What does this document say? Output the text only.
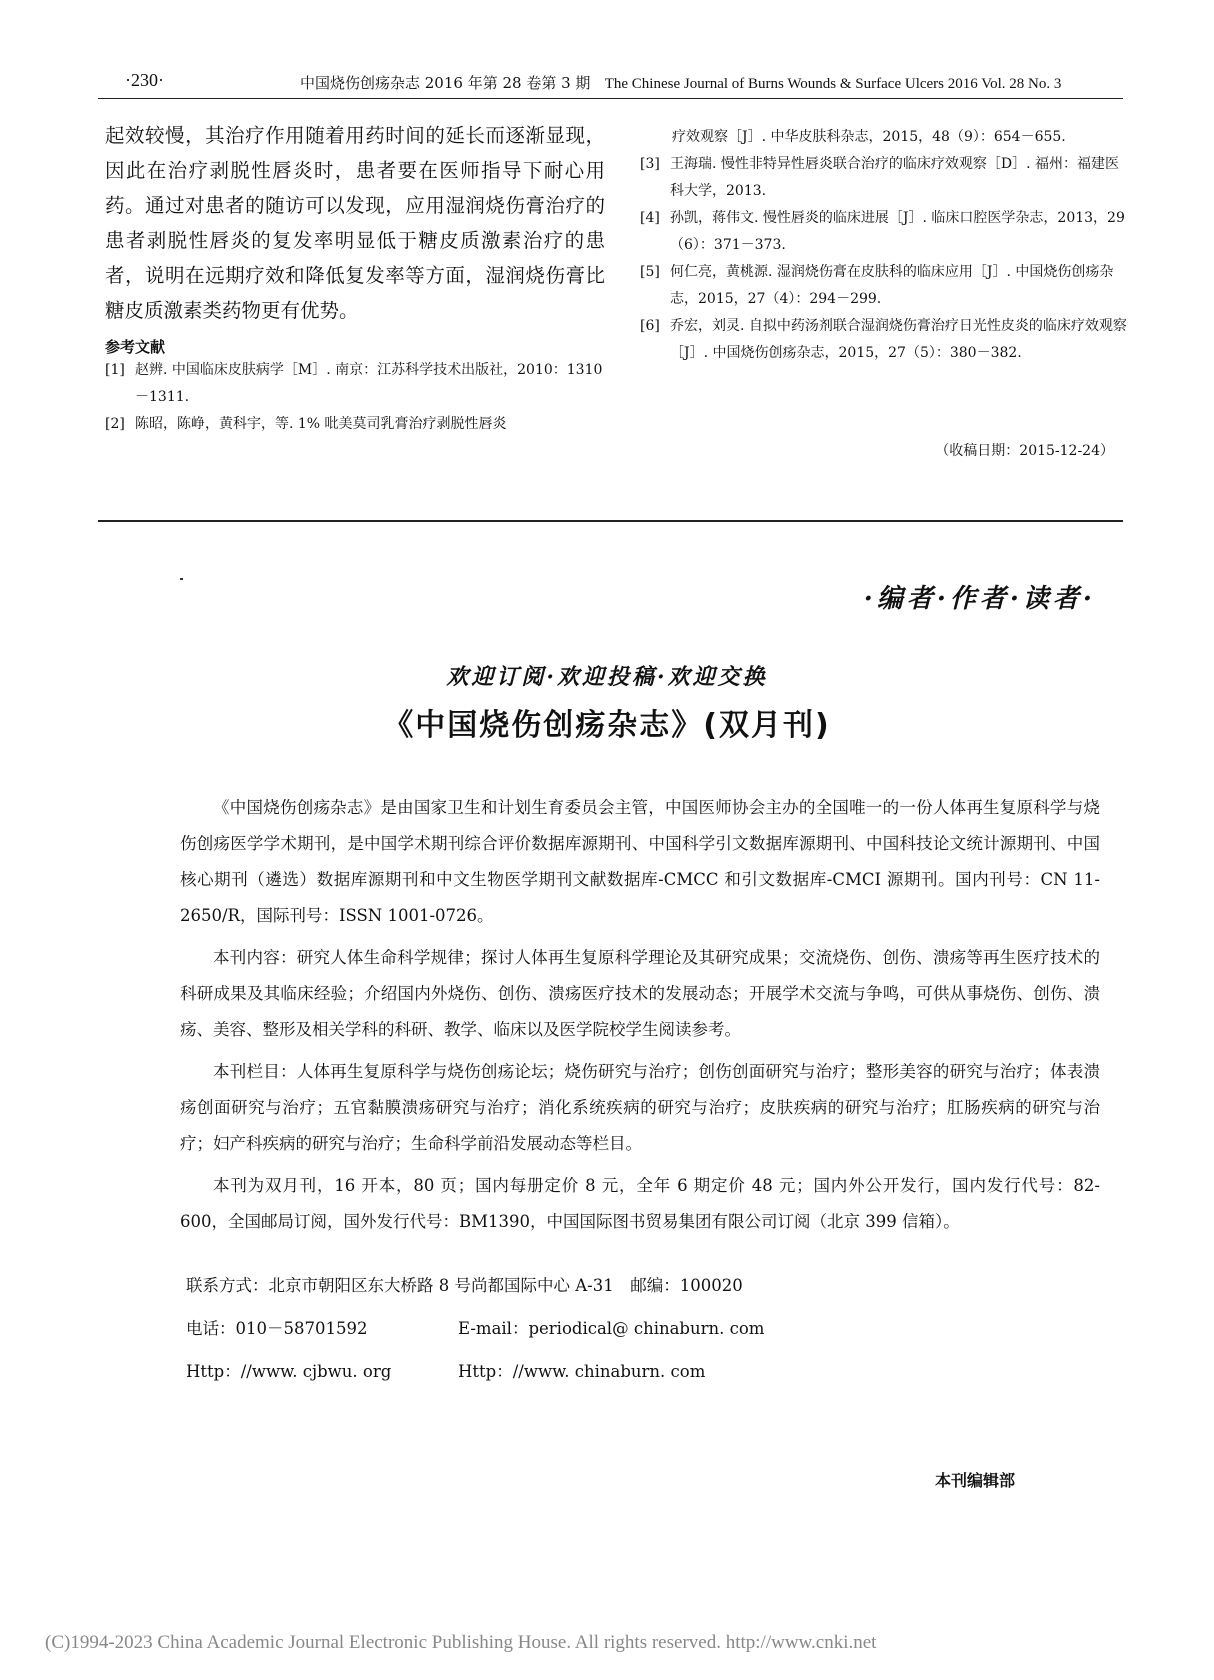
·230·	中国烧伤创疡杂志 2016 年第 28 卷第 3 期 The Chinese Journal of Burns Wounds & Surface Ulcers 2016 Vol. 28 No. 3

起效较慢，其治疗作用随着用药时间的延长而逐渐显现，因此在治疗剥脱性唇炎时，患者要在医师指导下耐心用药。通过对患者的随访可以发现，应用湿润烧伤膏治疗的患者剥脱性唇炎的复发率明显低于糖皮质激素治疗的患者，说明在远期疗效和降低复发率等方面，湿润烧伤膏比糖皮质激素类药物更有优势。

参考文献
[1] 赵辨. 中国临床皮肤病学［M］. 南京：江苏科学技术出版社，2010：1310－1311.
[2] 陈昭，陈峥，黄科宇，等. 1% 吡美莫司乳膏治疗剥脱性唇炎
疗效观察［J］. 中华皮肤科杂志，2015，48（9）：654－655.
[3] 王海瑞. 慢性非特异性唇炎联合治疗的临床疗效观察［D］. 福州：福建医科大学，2013.
[4] 孙凯，蒋伟文. 慢性唇炎的临床进展［J］. 临床口腔医学杂志，2013，29（6）：371－373.
[5] 何仁亮，黄桃源. 湿润烧伤膏在皮肤科的临床应用［J］. 中国烧伤创疡杂志，2015，27（4）：294－299.
[6] 乔宏，刘灵. 自拟中药汤剂联合湿润烧伤膏治疗日光性皮炎的临床疗效观察［J］. 中国烧伤创疡杂志，2015，27（5）：380－382.
（收稿日期：2015-12-24）
·编者·作者·读者·
欢迎订阅·欢迎投稿·欢迎交换
《中国烧伤创疡杂志》(双月刊)

《中国烧伤创疡杂志》是由国家卫生和计划生育委员会主管，中国医师协会主办的全国唯一的一份人体再生复原科学与烧伤创疡医学学术期刊，是中国学术期刊综合评价数据库源期刊、中国科学引文数据库源期刊、中国科技论文统计源期刊、中国核心期刊（遴选）数据库源期刊和中文生物医学期刊文献数据库-CMCC 和引文数据库-CMCI 源期刊。国内刊号：CN 11-2650/R，国际刊号：ISSN 1001-0726。

本刊内容：研究人体生命科学规律；探讨人体再生复原科学理论及其研究成果；交流烧伤、创伤、溃疡等再生医疗技术的科研成果及其临床经验；介绍国内外烧伤、创伤、溃疡医疗技术的发展动态；开展学术交流与争鸣，可供从事烧伤、创伤、溃疡、美容、整形及相关学科的科研、教学、临床以及医学院校学生阅读参考。

本刊栏目：人体再生复原科学与烧伤创疡论坛；烧伤研究与治疗；创伤创面研究与治疗；整形美容的研究与治疗；体表溃疡创面研究与治疗；五官黏膜溃疡研究与治疗；消化系统疾病的研究与治疗；皮肤疾病的研究与治疗；肛肠疾病的研究与治疗；妇产科疾病的研究与治疗；生命科学前沿发展动态等栏目。

本刊为双月刊，16 开本，80 页；国内每册定价 8 元，全年 6 期定价 48 元；国内外公开发行，国内发行代号：82-600，全国邮局订阅，国外发行代号：BM1390，中国国际图书贸易集团有限公司订阅（北京 399 信箱）。

联系方式：北京市朝阳区东大桥路 8 号尚都国际中心 A-31　邮编：100020
电话：010－58701592	E-mail：periodical@ chinaburn. com
Http：//www. cjbwu. org	Http：//www. chinaburn. com
本刊编辑部
(C)1994-2023 China Academic Journal Electronic Publishing House. All rights reserved. http://www.cnki.net
